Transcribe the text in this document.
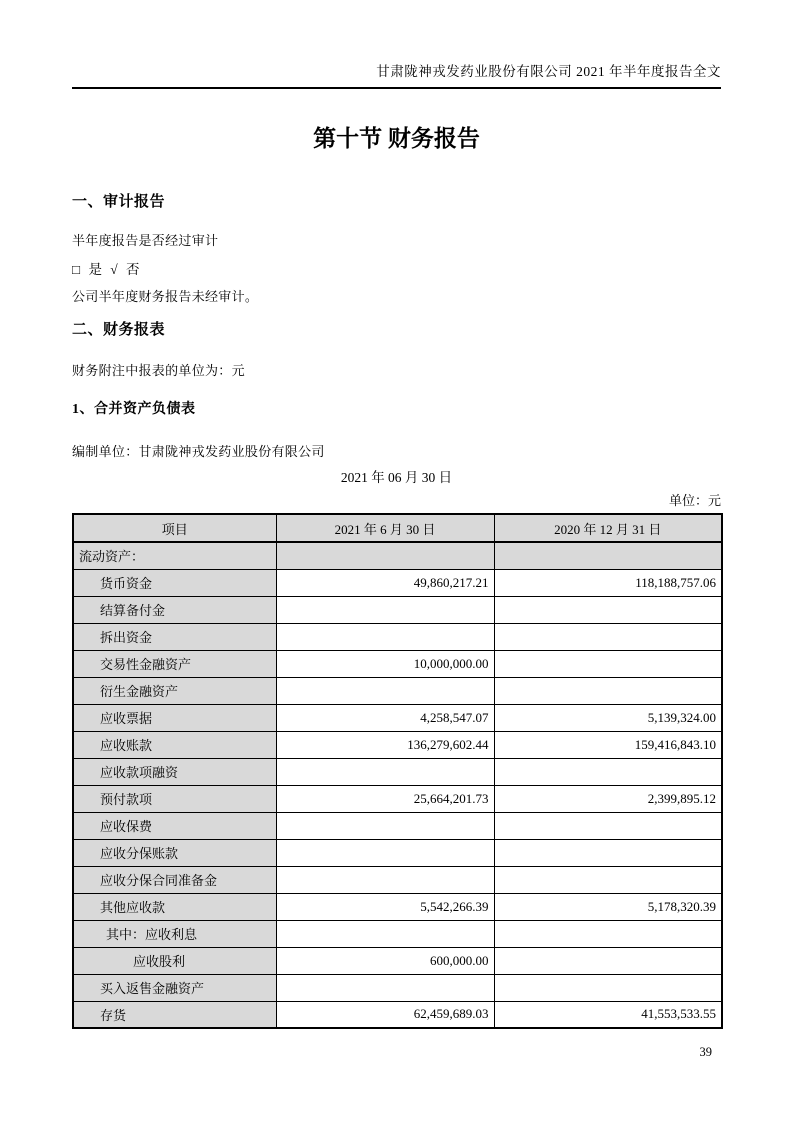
甘肃陇神戎发药业股份有限公司 2021 年半年度报告全文
第十节 财务报告
一、审计报告
半年度报告是否经过审计
□ 是 √ 否
公司半年度财务报告未经审计。
二、财务报表
财务附注中报表的单位为：元
1、合并资产负债表
编制单位：甘肃陇神戎发药业股份有限公司
2021 年 06 月 30 日
单位：元
项目	2021 年 6 月 30 日	2020 年 12 月 31 日
流动资产：		
货币资金	49,860,217.21	118,188,757.06
结算备付金		
拆出资金		
交易性金融资产	10,000,000.00	
衍生金融资产		
应收票据	4,258,547.07	5,139,324.00
应收账款	136,279,602.44	159,416,843.10
应收款项融资		
预付款项	25,664,201.73	2,399,895.12
应收保费		
应收分保账款		
应收分保合同准备金		
其他应收款	5,542,266.39	5,178,320.39
其中：应收利息		
应收股利	600,000.00	
买入返售金融资产		
存货	62,459,689.03	41,553,533.55
39
